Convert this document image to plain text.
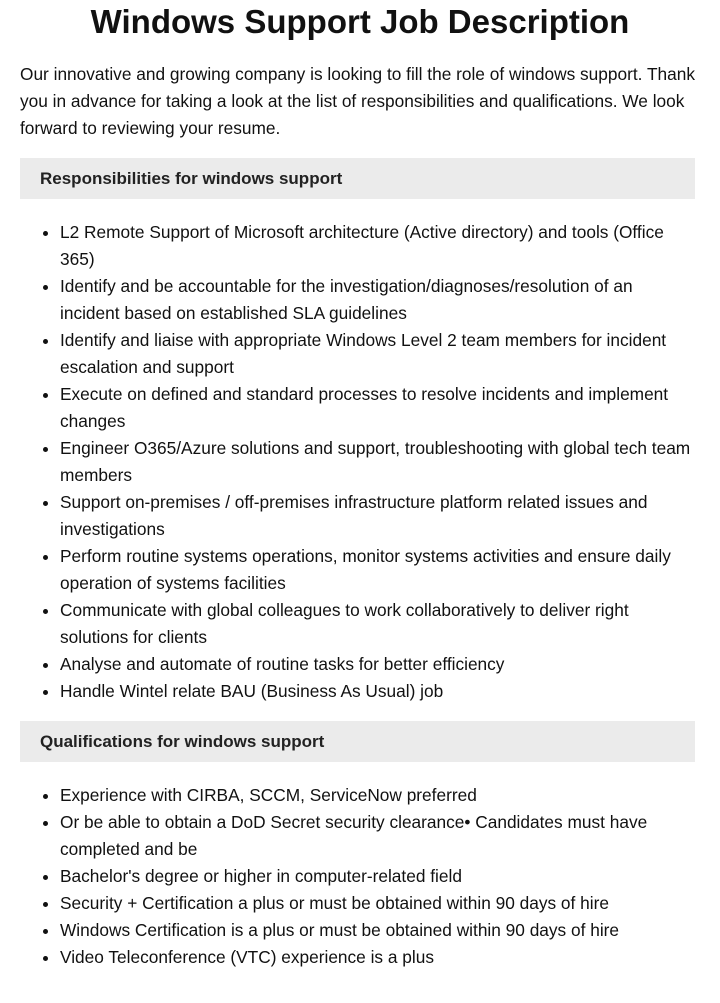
Windows Support Job Description

Our innovative and growing company is looking to fill the role of windows support. Thank you in advance for taking a look at the list of responsibilities and qualifications. We look forward to reviewing your resume.

Responsibilities for windows support
• L2 Remote Support of Microsoft architecture (Active directory) and tools (Office 365)
• Identify and be accountable for the investigation/diagnoses/resolution of an incident based on established SLA guidelines
• Identify and liaise with appropriate Windows Level 2 team members for incident escalation and support
• Execute on defined and standard processes to resolve incidents and implement changes
• Engineer O365/Azure solutions and support, troubleshooting with global tech team members
• Support on-premises / off-premises infrastructure platform related issues and investigations
• Perform routine systems operations, monitor systems activities and ensure daily operation of systems facilities
• Communicate with global colleagues to work collaboratively to deliver right solutions for clients
• Analyse and automate of routine tasks for better efficiency
• Handle Wintel relate BAU (Business As Usual) job
Qualifications for windows support
• Experience with CIRBA, SCCM, ServiceNow preferred
• Or be able to obtain a DoD Secret security clearance• Candidates must have completed and be
• Bachelor's degree or higher in computer-related field
• Security + Certification a plus or must be obtained within 90 days of hire
• Windows Certification is a plus or must be obtained within 90 days of hire
• Video Teleconference (VTC) experience is a plus
